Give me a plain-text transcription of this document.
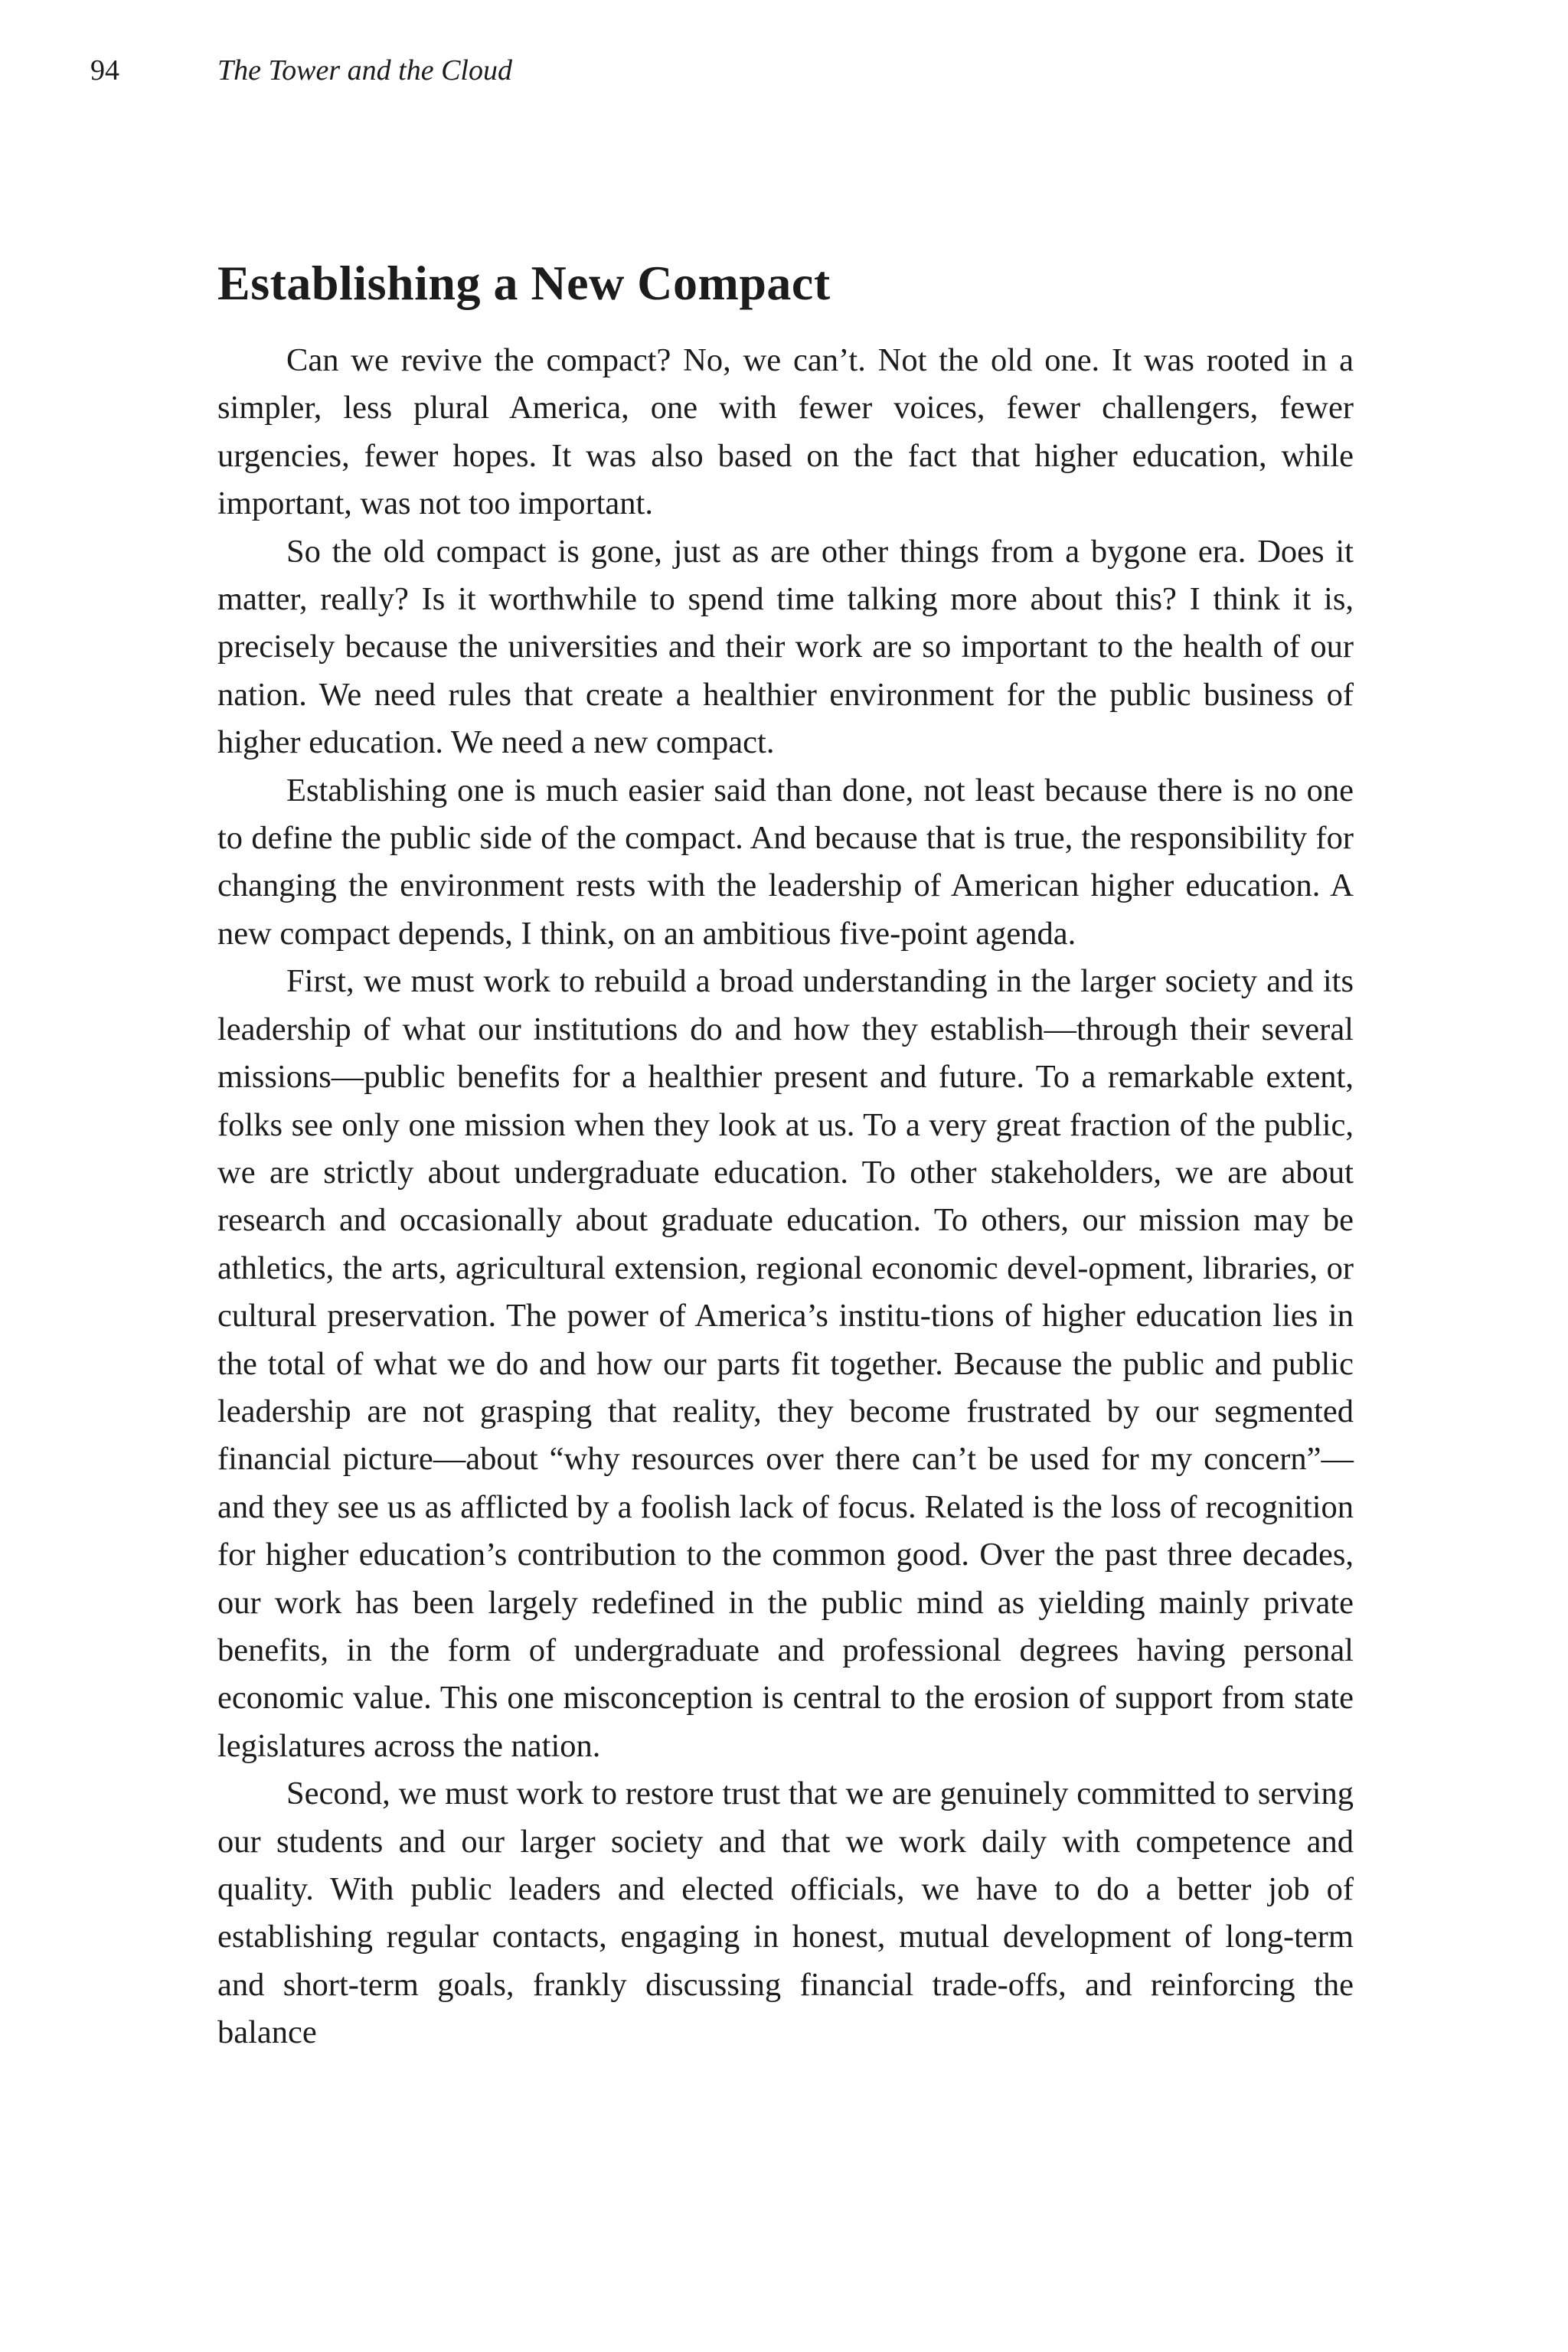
94	The Tower and the Cloud
Establishing a New Compact

Can we revive the compact? No, we can’t. Not the old one. It was rooted in a simpler, less plural America, one with fewer voices, fewer challengers, fewer urgencies, fewer hopes. It was also based on the fact that higher education, while important, was not too important.

So the old compact is gone, just as are other things from a bygone era. Does it matter, really? Is it worthwhile to spend time talking more about this? I think it is, precisely because the universities and their work are so important to the health of our nation. We need rules that create a healthier environment for the public business of higher education. We need a new compact.

Establishing one is much easier said than done, not least because there is no one to define the public side of the compact. And because that is true, the responsibility for changing the environment rests with the leadership of American higher education. A new compact depends, I think, on an ambitious five-point agenda.

First, we must work to rebuild a broad understanding in the larger society and its leadership of what our institutions do and how they establish—through their several missions—public benefits for a healthier present and future. To a remarkable extent, folks see only one mission when they look at us. To a very great fraction of the public, we are strictly about undergraduate education. To other stakeholders, we are about research and occasionally about graduate education. To others, our mission may be athletics, the arts, agricultural extension, regional economic devel-opment, libraries, or cultural preservation. The power of America’s institu-tions of higher education lies in the total of what we do and how our parts fit together. Because the public and public leadership are not grasping that reality, they become frustrated by our segmented financial picture—about “why resources over there can’t be used for my concern”—and they see us as afflicted by a foolish lack of focus. Related is the loss of recognition for higher education’s contribution to the common good. Over the past three decades, our work has been largely redefined in the public mind as yielding mainly private benefits, in the form of undergraduate and professional degrees having personal economic value. This one misconception is central to the erosion of support from state legislatures across the nation.

Second, we must work to restore trust that we are genuinely committed to serving our students and our larger society and that we work daily with competence and quality. With public leaders and elected officials, we have to do a better job of establishing regular contacts, engaging in honest, mutual development of long-term and short-term goals, frankly discussing financial trade-offs, and reinforcing the balance
